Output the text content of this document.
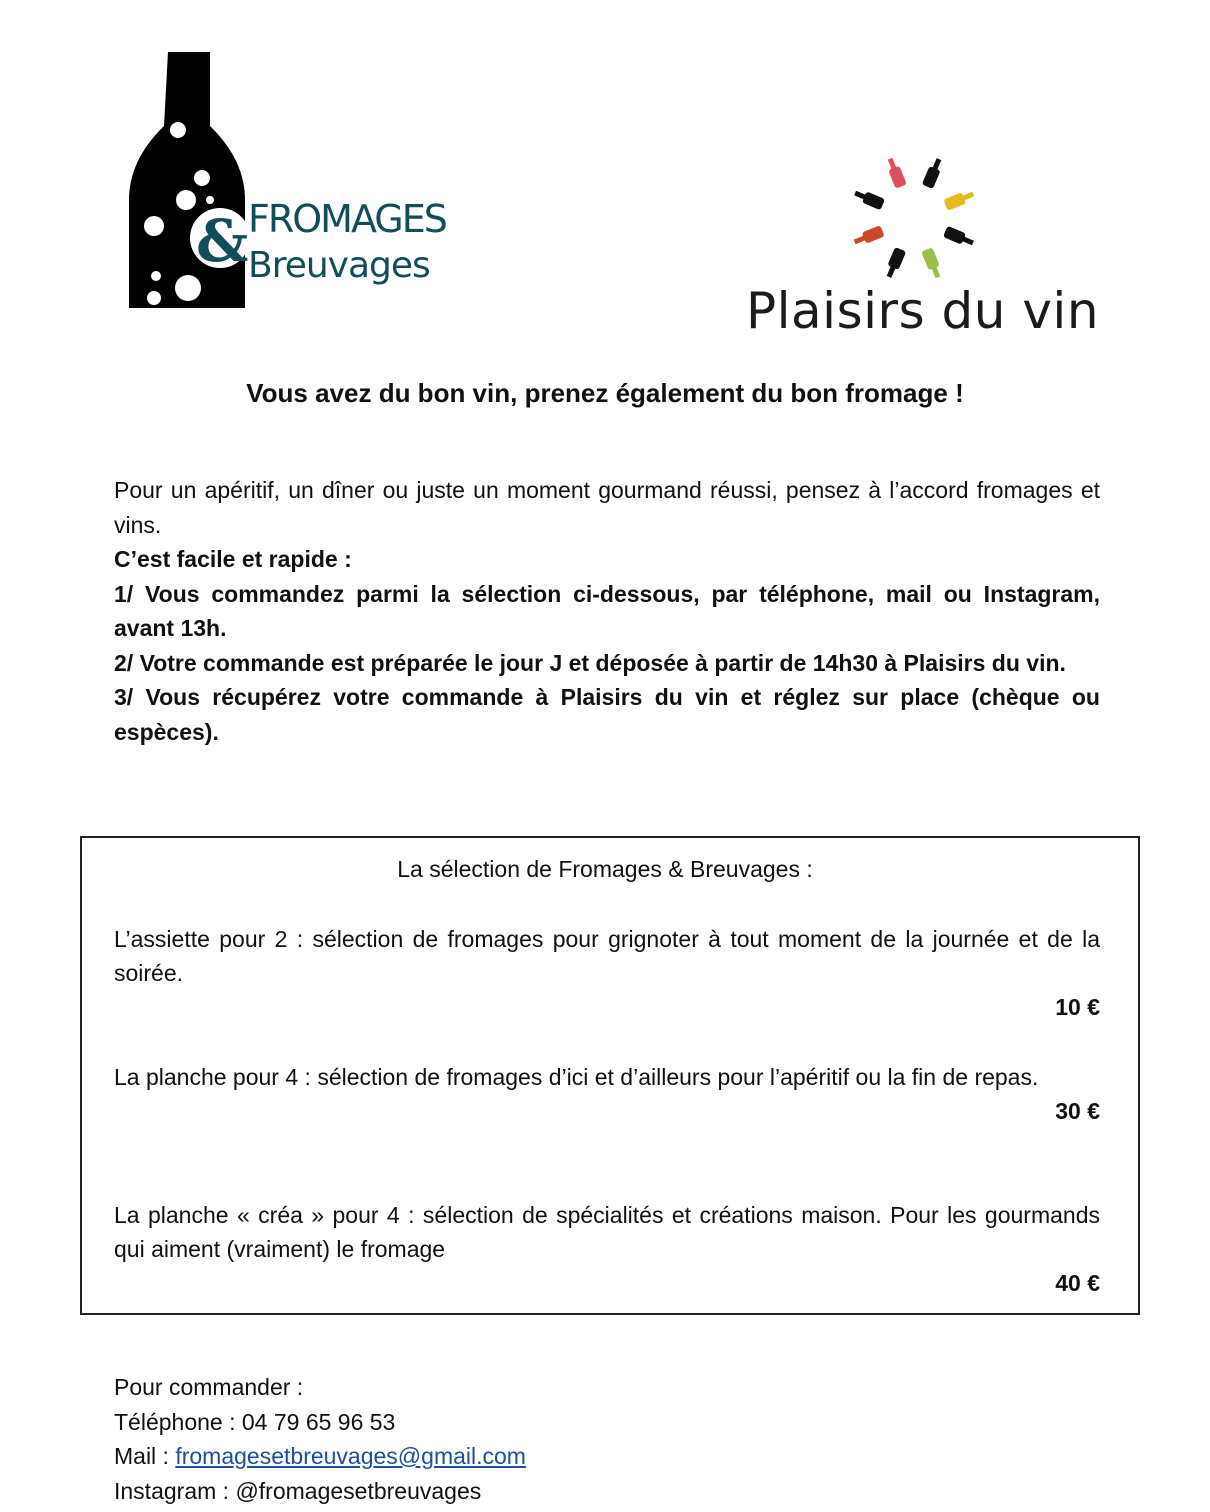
& FROMAGES
Breuvages
Plaisirs du vin
Vous avez du bon vin, prenez également du bon fromage !

Pour un apéritif, un dîner ou juste un moment gourmand réussi, pensez à l’accord fromages et vins.

C’est facile et rapide :

1/ Vous commandez parmi la sélection ci-dessous, par téléphone, mail ou Instagram, avant 13h.

2/ Votre commande est préparée le jour J et déposée à partir de 14h30 à Plaisirs du vin.

3/ Vous récupérez votre commande à Plaisirs du vin et réglez sur place (chèque ou espèces).

La sélection de Fromages & Breuvages :

L’assiette pour 2 : sélection de fromages pour grignoter à tout moment de la journée et de la soirée.

10 €

La planche pour 4 : sélection de fromages d’ici et d’ailleurs pour l’apéritif ou la fin de repas.

30 €

La planche « créa » pour 4 : sélection de spécialités et créations maison. Pour les gourmands qui aiment (vraiment) le fromage

40 €

Pour commander :

Téléphone : 04 79 65 96 53

Mail : fromagesetbreuvages@gmail.com

Instagram : @fromagesetbreuvages
